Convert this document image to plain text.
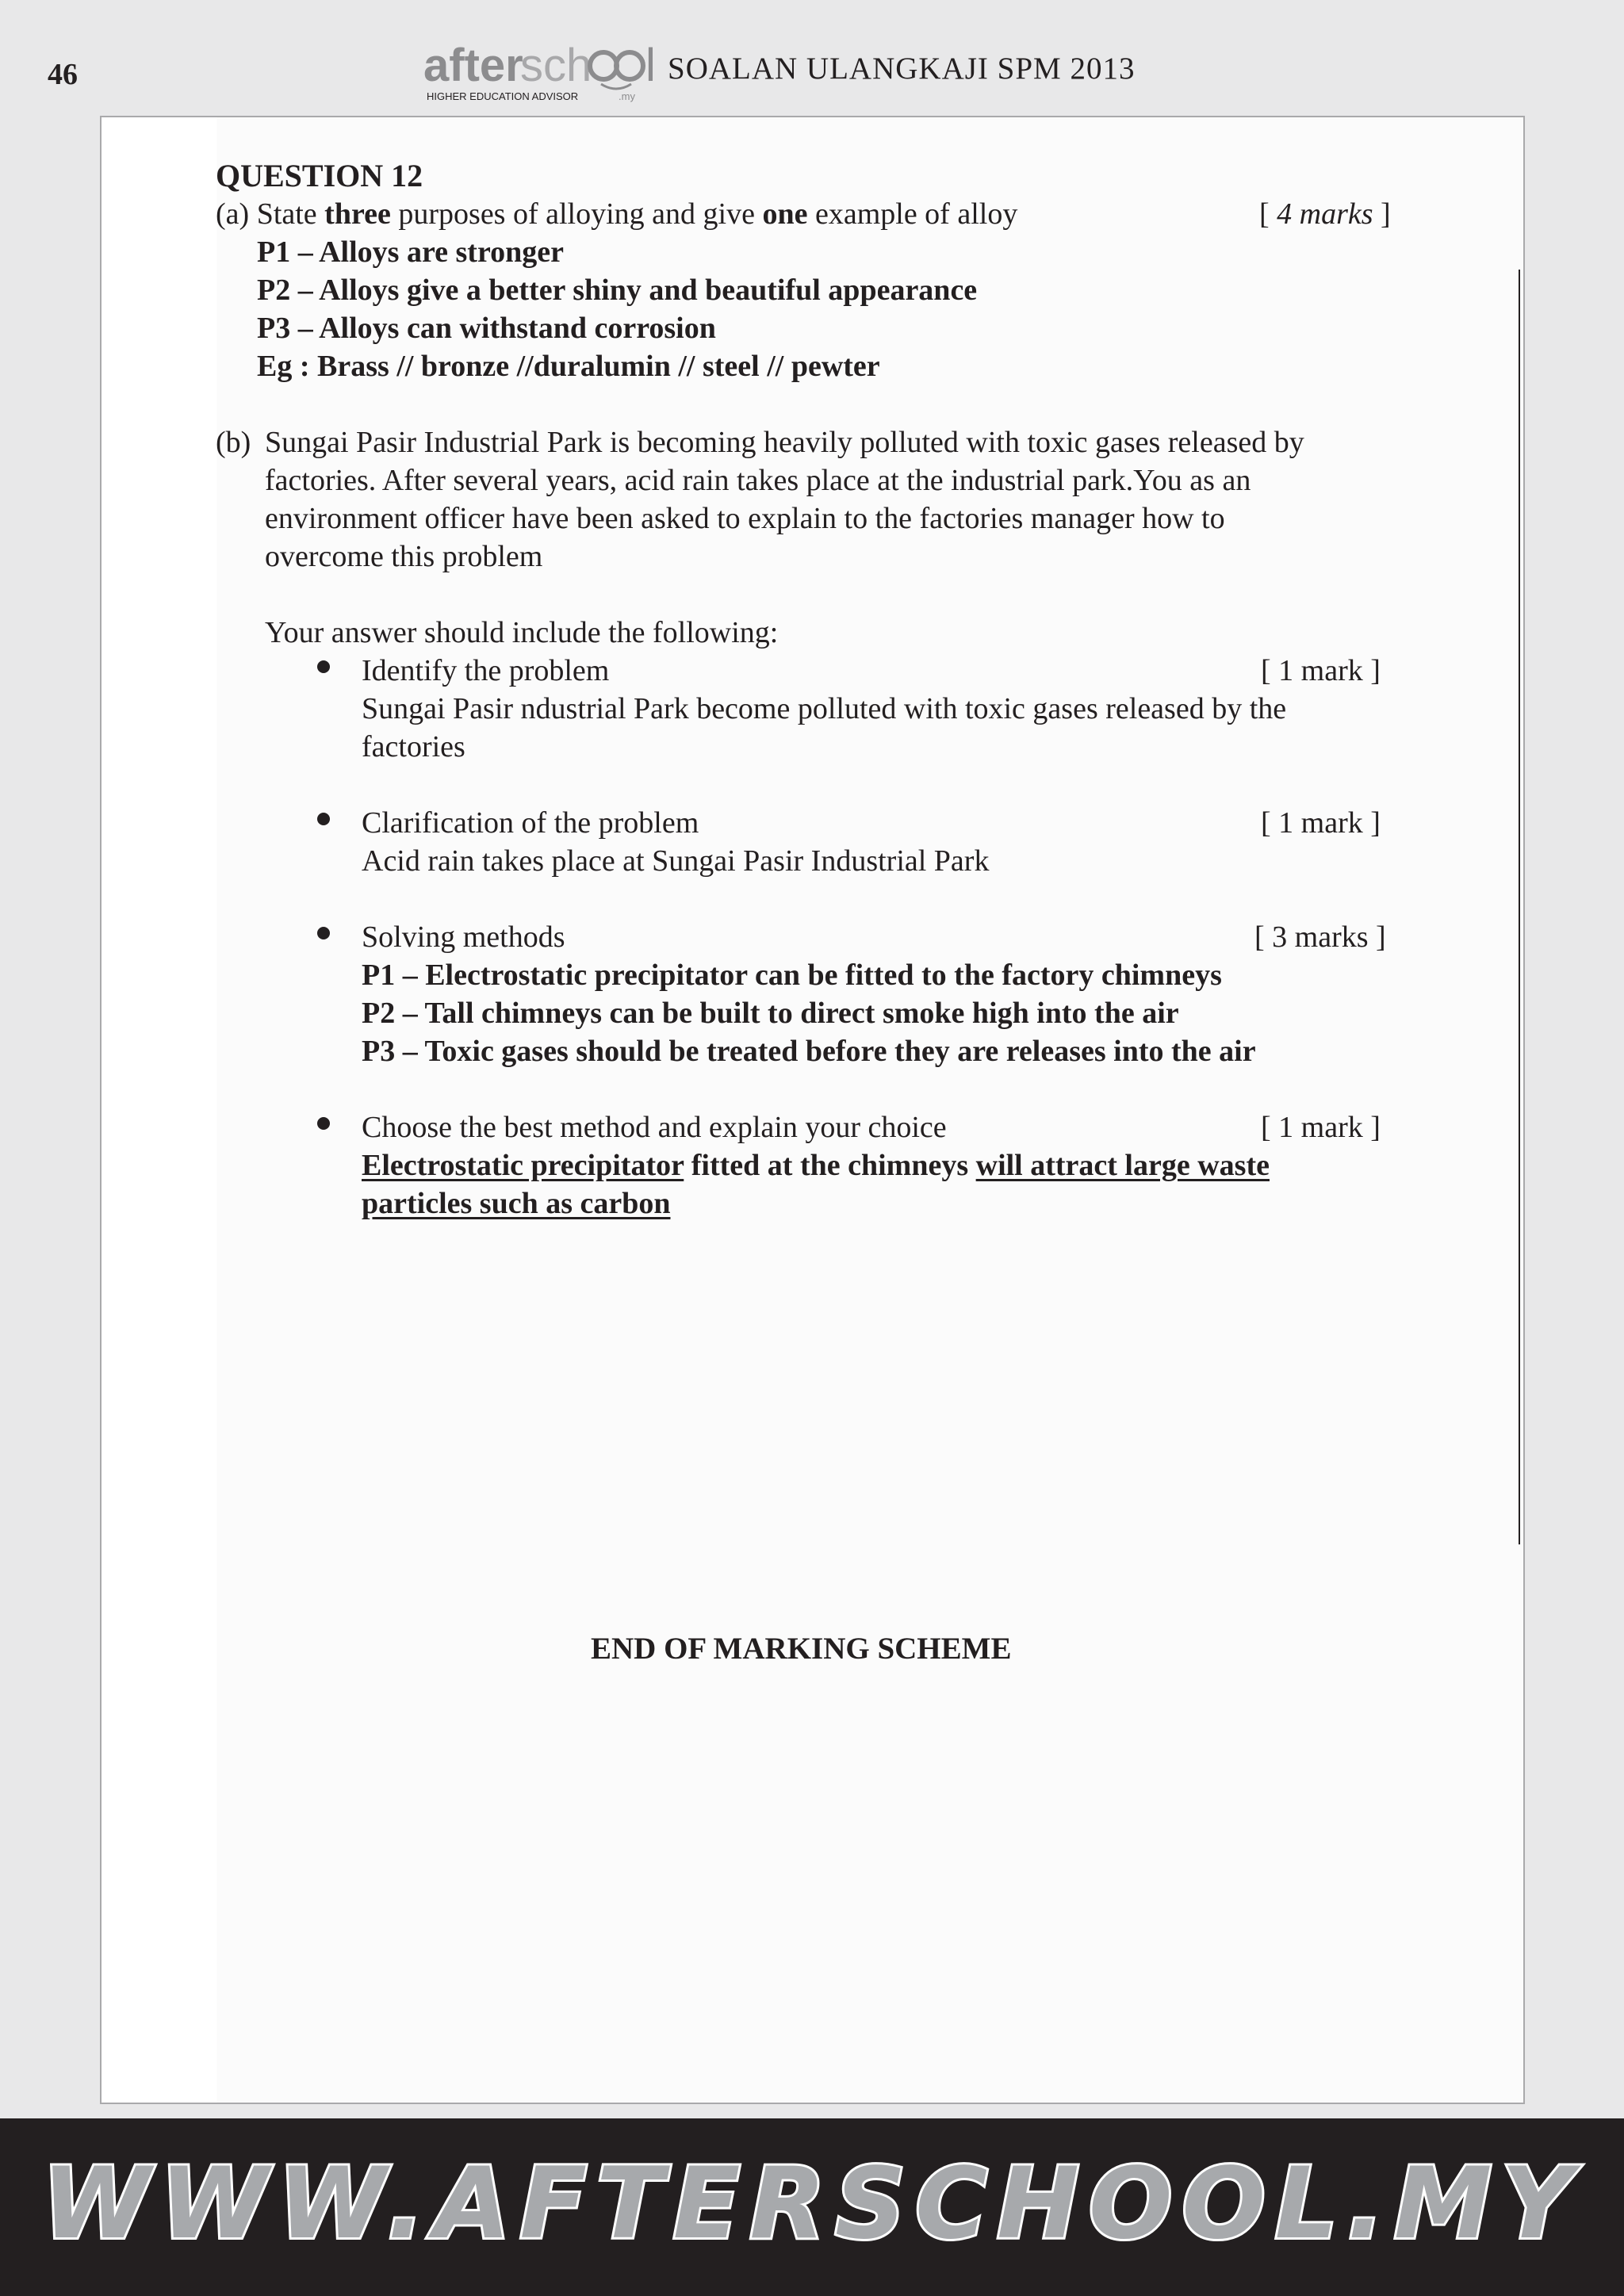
46	after
sch l
HIGHER EDUCATION ADVISOR	.my
SOALAN ULANGKAJI SPM 2013
QUESTION 12
(a) State three purposes of alloying and give one example of alloy	[ 4 marks ]
P1 – Alloys are stronger
P2 – Alloys give a better shiny and beautiful appearance
P3 – Alloys can withstand corrosion
Eg : Brass // bronze //duralumin // steel // pewter
(b) Sungai Pasir Industrial Park is becoming heavily polluted with toxic gases released by
factories. After several years, acid rain takes place at the industrial park.You as an
environment officer have been asked to explain to the factories manager how to
overcome this problem
Your answer should include the following:
Identify the problem	[ 1 mark ]
Sungai Pasir ndustrial Park become polluted with toxic gases released by the
factories
Clarification of the problem	[ 1 mark ]
Acid rain takes place at Sungai Pasir Industrial Park
Solving methods	[ 3 marks ]
P1 – Electrostatic precipitator can be fitted to the factory chimneys
P2 – Tall chimneys can be built to direct smoke high into the air
P3 – Toxic gases should be treated before they are releases into the air
Choose the best method and explain your choice	[ 1 mark ]
Electrostatic precipitator fitted at the chimneys will attract large waste
particles such as carbon
END OF MARKING SCHEME
WWW.AFTERSCHOOL.MY
